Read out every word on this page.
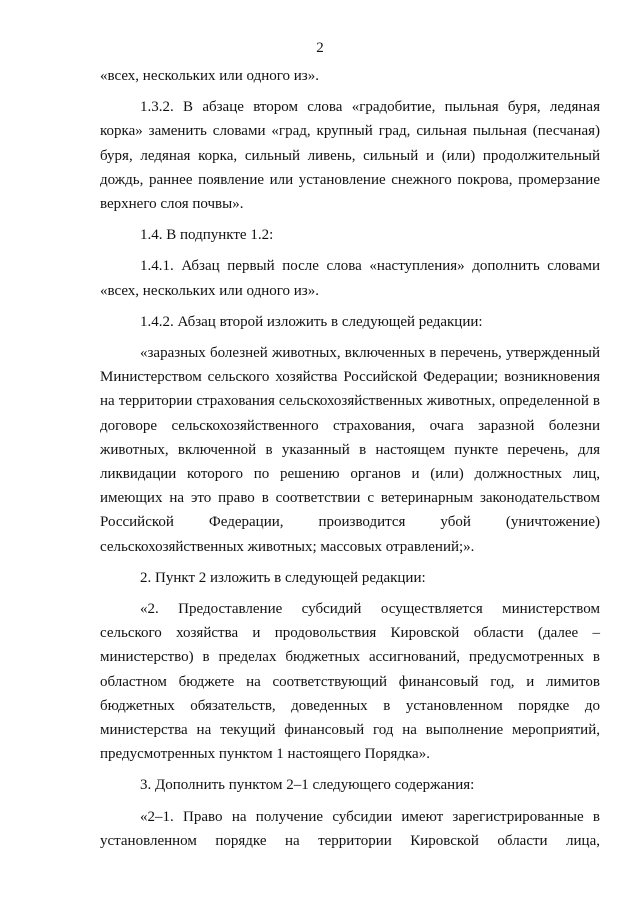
2

«всех, нескольких или одного из».

1.3.2. В абзаце втором слова «градобитие, пыльная буря, ледяная корка» заменить словами «град, крупный град, сильная пыльная (песчаная) буря, ледяная корка, сильный ливень, сильный и (или) продолжительный дождь, раннее появление или установление снежного покрова, промерзание верхнего слоя почвы».

1.4. В подпункте 1.2:

1.4.1. Абзац первый после слова «наступления» дополнить словами «всех, нескольких или одного из».

1.4.2. Абзац второй изложить в следующей редакции:

«заразных болезней животных, включенных в перечень, утвержденный Министерством сельского хозяйства Российской Федерации; возникновения на территории страхования сельскохозяйственных животных, определенной в договоре сельскохозяйственного страхования, очага заразной болезни животных, включенной в указанный в настоящем пункте перечень, для ликвидации которого по решению органов и (или) должностных лиц, имеющих на это право в соответствии с ветеринарным законодательством Российской Федерации, производится убой (уничтожение) сельскохозяйственных животных; массовых отравлений;».

2. Пункт 2 изложить в следующей редакции:

«2. Предоставление субсидий осуществляется министерством сельского хозяйства и продовольствия Кировской области (далее – министерство) в пределах бюджетных ассигнований, предусмотренных в областном бюджете на соответствующий финансовый год, и лимитов бюджетных обязательств, доведенных в установленном порядке до министерства на текущий финансовый год на выполнение мероприятий, предусмотренных пунктом 1 настоящего Порядка».

3. Дополнить пунктом 2–1 следующего содержания:

«2–1. Право на получение субсидии имеют зарегистрированные в установленном порядке на территории Кировской области лица,
